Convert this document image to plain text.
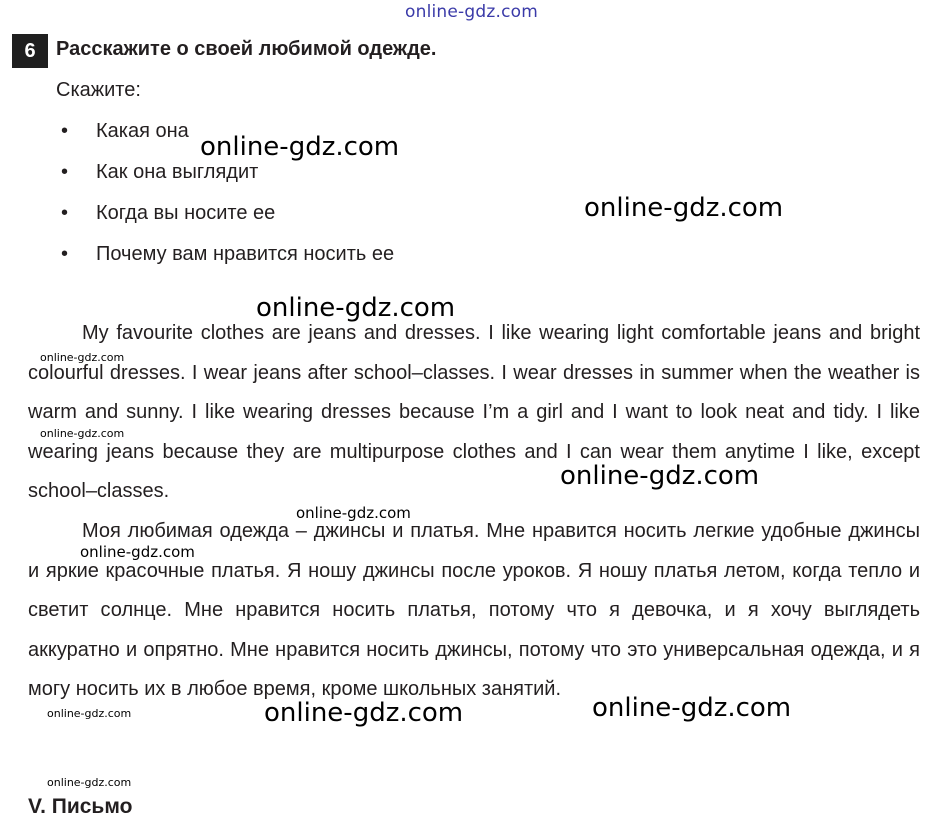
online-gdz.com
6	Расскажите о своей любимой одежде.
Скажите:
• Какая она
• Как она выглядит
• Когда вы носите ее
• Почему вам нравится носить ее
My favourite clothes are jeans and dresses. I like wearing light comfortable jeans and bright colourful dresses. I wear jeans after school–classes. I wear dresses in summer when the weather is warm and sunny. I like wearing dresses because I’m a girl and I want to look neat and tidy. I like wearing jeans because they are multipurpose clothes and I can wear them anytime I like, except school–classes.
Моя любимая одежда – джинсы и платья. Мне нравится носить легкие удобные джинсы и яркие красочные платья. Я ношу джинсы после уроков. Я ношу платья летом, когда тепло и светит солнце. Мне нравится носить платья, потому что я девочка, и я хочу выглядеть аккуратно и опрятно. Мне нравится носить джинсы, потому что это универсальная одежда, и я могу носить их в любое время, кроме школьных занятий.
online-gdz.com
online-gdz.com
online-gdz.com
online-gdz.com
online-gdz.com	online-gdz.com
online-gdz.com
online-gdz.com
online-gdz.com
online-gdz.com
online-gdz.com
online-gdz.com
V. Письмо
